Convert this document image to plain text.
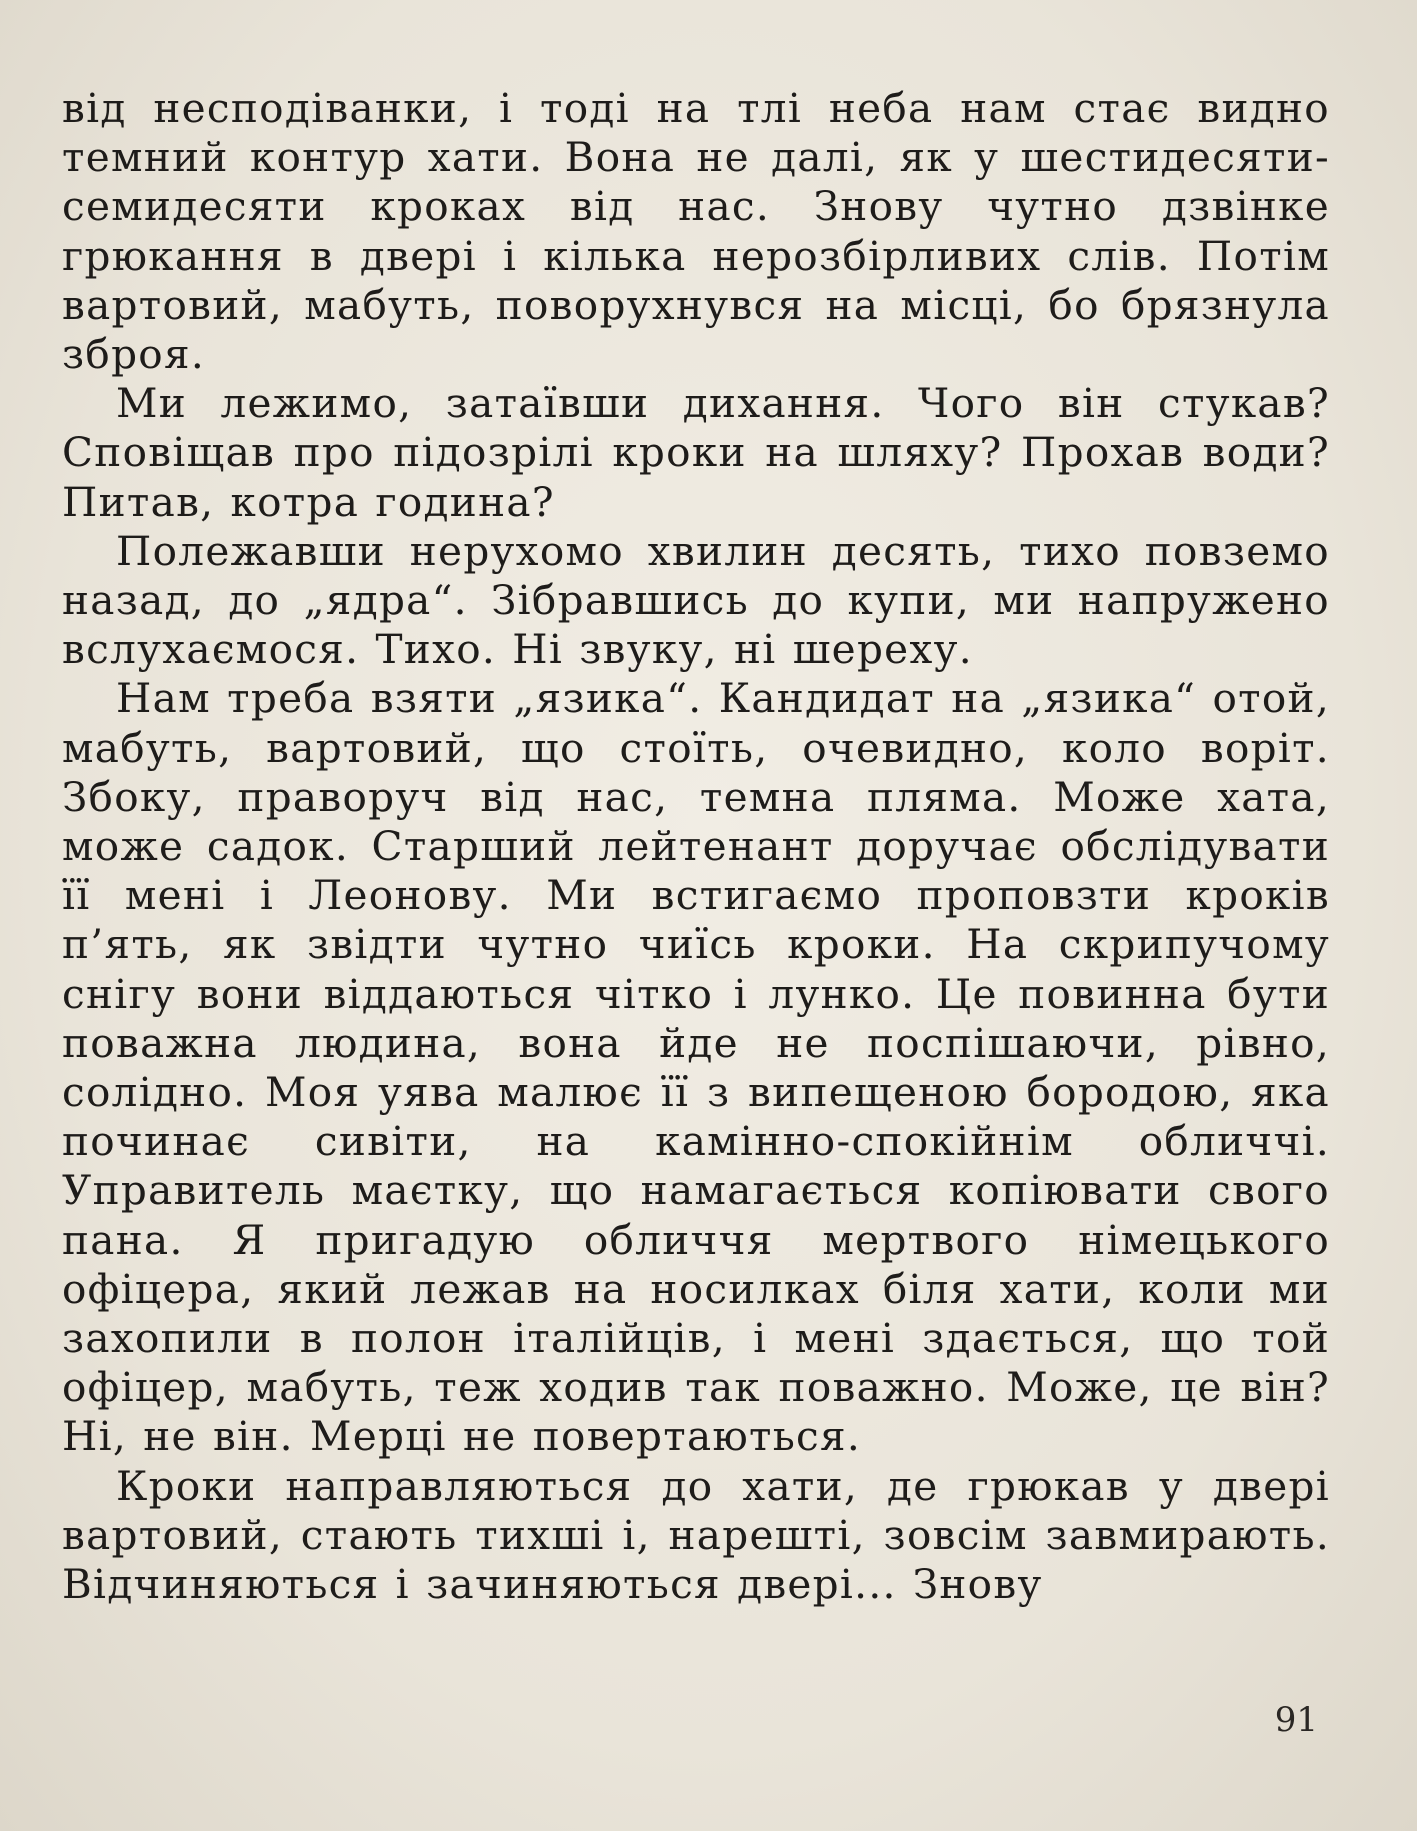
від несподіванки, і тоді на тлі неба нам стає видно темний контур хати. Вона не далі, як у шестидесяти-семидесяти кроках від нас. Знову чутно дзвінке грюкання в двері і кілька нерозбірливих слів. Потім вартовий, мабуть, поворухнувся на місці, бо брязнула зброя.

Ми лежимо, затаївши дихання. Чого він стукав? Сповіщав про підозрілі кроки на шляху? Прохав води? Питав, котра година?

Полежавши нерухомо хвилин десять, тихо повземо назад, до „ядра“. Зібравшись до купи, ми напружено вслухаємося. Тихо. Ні звуку, ні шереху.

Нам треба взяти „язика“. Кандидат на „язика“ отой, мабуть, вартовий, що стоїть, очевидно, коло воріт. Збоку, праворуч від нас, темна пляма. Може хата, може садок. Старший лейтенант доручає обслідувати її мені і Леонову. Ми встигаємо проповзти кроків п’ять, як звідти чутно чиїсь кроки. На скрипучому снігу вони віддаються чітко і лунко. Це повинна бути поважна людина, вона йде не поспішаючи, рівно, солідно. Моя уява малює її з випещеною бородою, яка починає сивіти, на камінно-спокійнім обличчі. Управитель маєтку, що намагається копіювати свого пана. Я пригадую обличчя мертвого німецького офіцера, який лежав на носилках біля хати, коли ми захопили в полон італійців, і мені здається, що той офіцер, мабуть, теж ходив так поважно. Може, це він? Ні, не він. Мерці не повертаються.

Кроки направляються до хати, де грюкав у двері вартовий, стають тихші і, нарешті, зовсім завмирають. Відчиняються і зачиняються двері... Знову

91
